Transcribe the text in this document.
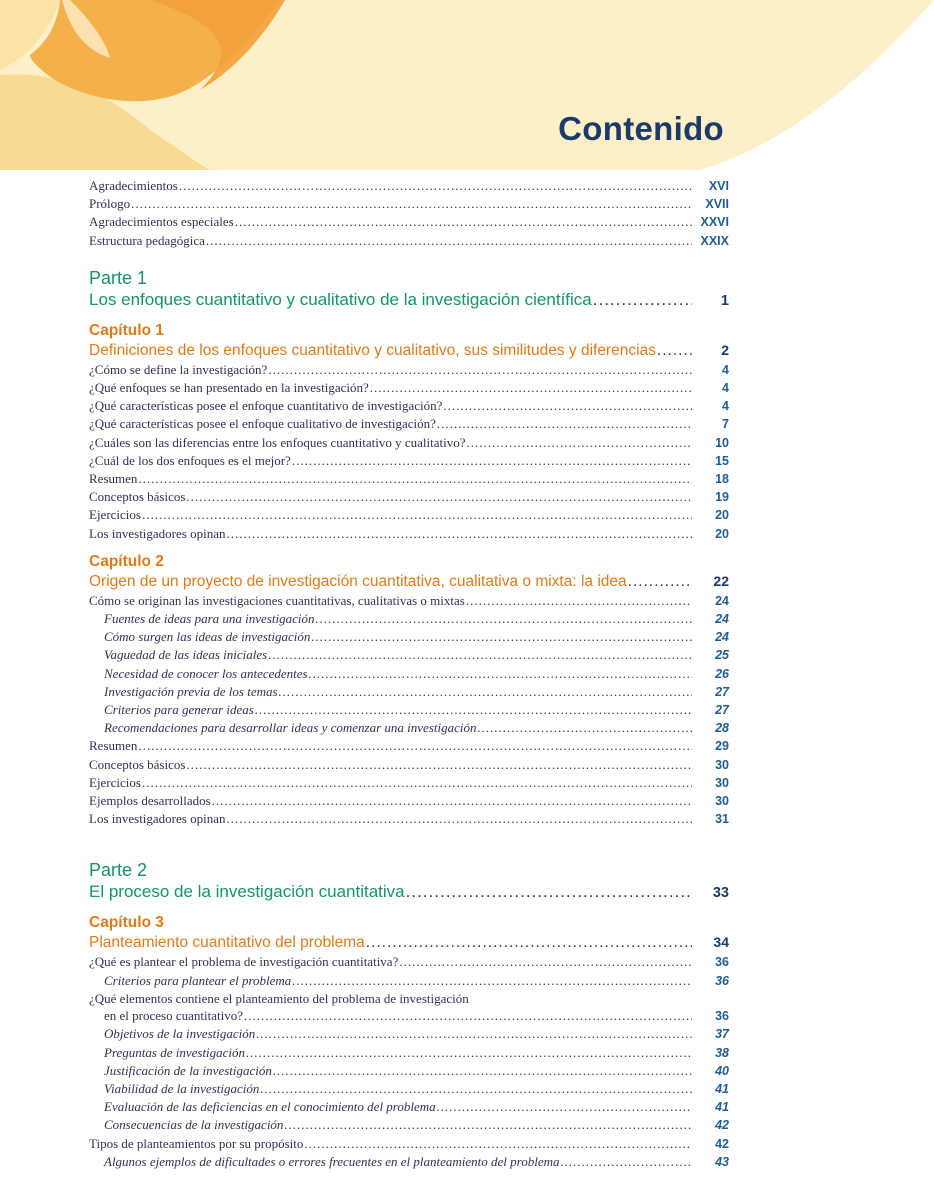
Contenido
Agradecimientos .....	XVI
Prólogo .....	XVII
Agradecimientos especiales .....	XXVI
Estructura pedagógica .....	XXIX
Parte 1
Los enfoques cuantitativo y cualitativo de la investigación científica .....	1
Capítulo 1
Definiciones de los enfoques cuantitativo y cualitativo, sus similitudes y diferencias .....	2
¿Cómo se define la investigación? .....	4
¿Qué enfoques se han presentado en la investigación? .....	4
¿Qué características posee el enfoque cuantitativo de investigación? .....	4
¿Qué características posee el enfoque cualitativo de investigación? .....	7
¿Cuáles son las diferencias entre los enfoques cuantitativo y cualitativo? .....	10
¿Cuál de los dos enfoques es el mejor? .....	15
Resumen .....	18
Conceptos básicos .....	19
Ejercicios .....	20
Los investigadores opinan .....	20
Capítulo 2
Origen de un proyecto de investigación cuantitativa, cualitativa o mixta: la idea .....	22
Cómo se originan las investigaciones cuantitativas, cualitativas o mixtas .....	24
Fuentes de ideas para una investigación .....	24
Cómo surgen las ideas de investigación .....	24
Vaguedad de las ideas iniciales .....	25
Necesidad de conocer los antecedentes .....	26
Investigación previa de los temas .....	27
Criterios para generar ideas .....	27
Recomendaciones para desarrollar ideas y comenzar una investigación .....	28
Resumen .....	29
Conceptos básicos .....	30
Ejercicios .....	30
Ejemplos desarrollados .....	30
Los investigadores opinan .....	31
Parte 2
El proceso de la investigación cuantitativa .....	33
Capítulo 3
Planteamiento cuantitativo del problema .....	34
¿Qué es plantear el problema de investigación cuantitativa? .....	36
Criterios para plantear el problema .....	36
¿Qué elementos contiene el planteamiento del problema de investigación
en el proceso cuantitativo? .....	36
Objetivos de la investigación .....	37
Preguntas de investigación .....	38
Justificación de la investigación .....	40
Viabilidad de la investigación .....	41
Evaluación de las deficiencias en el conocimiento del problema .....	41
Consecuencias de la investigación .....	42
Tipos de planteamientos por su propósito .....	42
Algunos ejemplos de dificultades o errores frecuentes en el planteamiento del problema .....	43
